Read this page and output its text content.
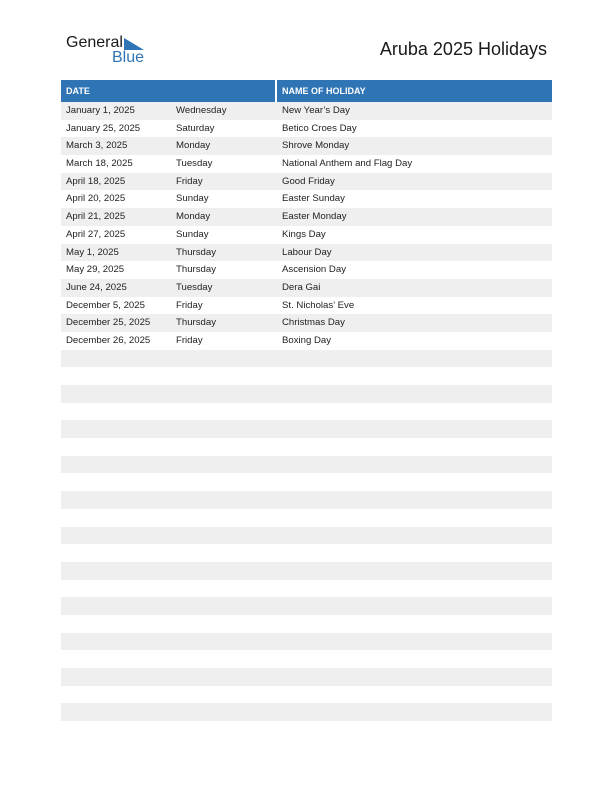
General
Blue	Aruba 2025 Holidays
DATE	NAME OF HOLIDAY
January 1, 2025	Wednesday	New Year’s Day
January 25, 2025	Saturday	Betico Croes Day
March 3, 2025	Monday	Shrove Monday
March 18, 2025	Tuesday	National Anthem and Flag Day
April 18, 2025	Friday	Good Friday
April 20, 2025	Sunday	Easter Sunday
April 21, 2025	Monday	Easter Monday
April 27, 2025	Sunday	Kings Day
May 1, 2025	Thursday	Labour Day
May 29, 2025	Thursday	Ascension Day
June 24, 2025	Tuesday	Dera Gai
December 5, 2025	Friday	St. Nicholas’ Eve
December 25, 2025	Thursday	Christmas Day
December 26, 2025	Friday	Boxing Day
